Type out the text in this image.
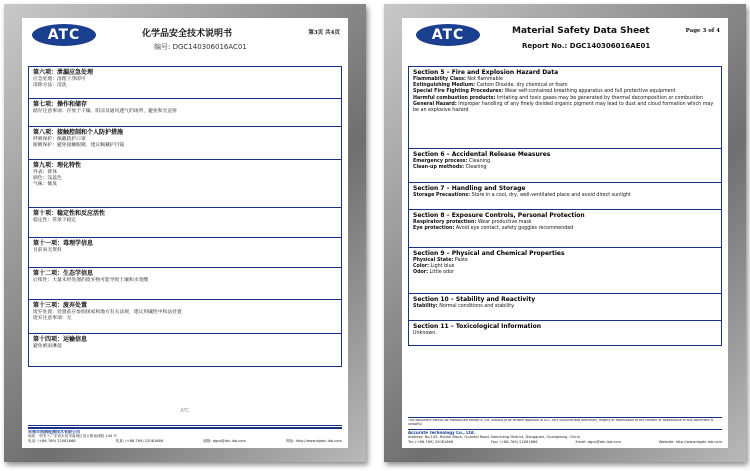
ATC	化学品安全技术说明书	第3页 共4页
编号: DGC140306016AC01
第六项：泄漏应急处理
应急处理：清理干净即可
清除方法：清洗
第七项：操作和储存
储存注意事项：存放于干燥、阴凉及通风透气的场所，避免和光直射
第八项：接触控制和个人防护措施
呼吸保护：佩戴防护口罩
眼睛保护：避免接触眼睛，建议佩戴护目镜
第九项：理化特性
外表：膏体
颜色：浅蓝色
气味：微臭
第十项：稳定性和反应活性
稳定性：常条下稳定
第十一项：毒理学信息
目前尚无资料
第十二项：生态学信息
后续性：大量未经处理的废弃物可能导致土壤和水变酸
第十三项：废弃处置
废弃处置：处置前应参阅国家和地方有关法规，建议用碱性中和法处置
废弃注意事项：无
第十四项：运输信息
避免被雨淋湿
ATC
东莞市信测检测技术有限公司
地址：中国 • 广东省东莞市南城区莞太路南城段 144 号
电话: (+86-769) 22081666	传真: (+86-769) 22081666	邮箱: dgcs@atc-lab.com	网址: http://www.dgatc-lab.com
ATC	Material Safety Data Sheet	Page 3 of 4
Report No.: DGC140306016AE01
Section 5 – Fire and Explosion Hazard Data
Flammability Class: Not flammable
Extinguishing Medium: Carbon Dioxide, dry chemical or foam
Special Fire Fighting Procedures: Wear self-contained breathing apparatus and full protective equipment
Harmful combustion products: Irritating and toxic gases may be generated by thermal decomposition or combustion
General Hazard: Improper handling of any finely divided organic pigment may lead to dust and cloud formation which may be an explosive hazard
Section 6 – Accidental Release Measures
Emergency process: Cleaning
Clean-up methods: Cleaning
Section 7 – Handling and Storage
Storage Precautions: Store in a cool, dry, well-ventilated place and avoid direct sunlight
Section 8 – Exposure Controls, Personal Protection
Respiratory protection: Wear productive mask
Eye protection: Avoid eye contact, safety goggles recommended
Section 9 – Physical and Chemical Properties
Physical State: Paste
Color: Light blue
Odor: Little odor
Section 10 – Stability and Reactivity
Stability: Normal conditions and stability.
Section 11 – Toxicological Information
Unknown.
This document cannot be reproduced except in full, without prior written approval of ATC. Any unauthorized alteration, forgery or falsification of the content or appearance of this document is unlawful.
Accurate Technology Co., Ltd.
Address: No.145, Rutian Block, Guantai Road, Nancheng District, Dongguan, Guangdong, China
Tel: (+86-769) 22081666	Fax: (+86-769) 22081666	Email: dgcs@atc-lab.com	Website: http://www.dgatc-lab.com
